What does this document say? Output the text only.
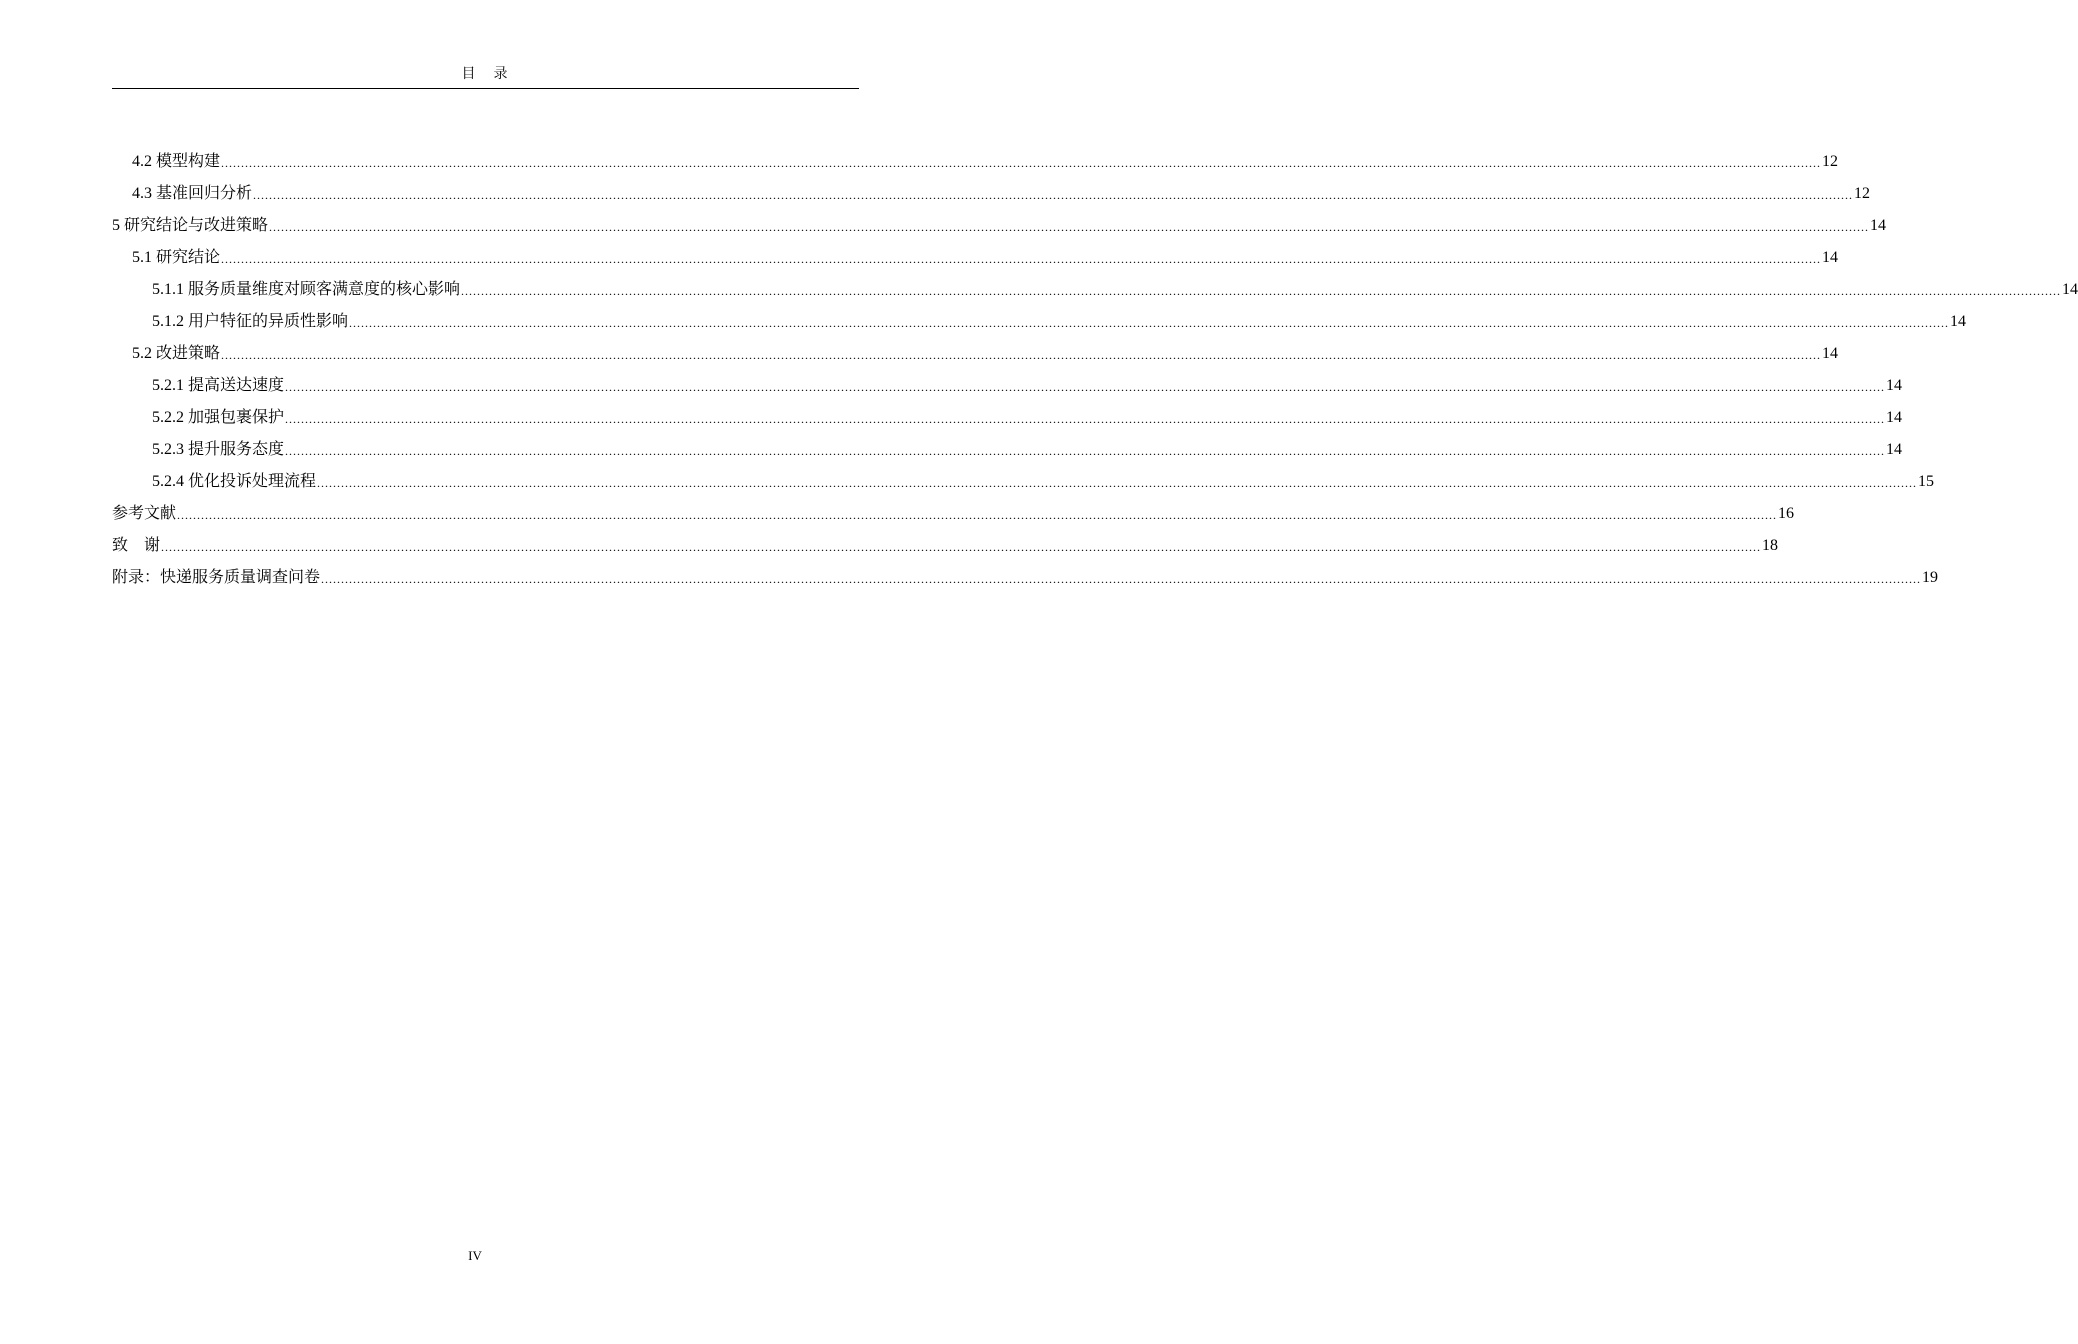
目　录
4.2 模型构建 ................................................................................................................................................................................................................................................................................................................................................................................................................ 12
4.3 基准回归分析 ................................................................................................................................................................................................................................................................................................................................................................................................................ 12
5 研究结论与改进策略 ................................................................................................................................................................................................................................................................................................................................................................................................................ 14
5.1 研究结论 ................................................................................................................................................................................................................................................................................................................................................................................................................ 14
5.1.1 服务质量维度对顾客满意度的核心影响 ................................................................................................................................................................................................................................................................................................................................................................................................................ 14
5.1.2 用户特征的异质性影响 ................................................................................................................................................................................................................................................................................................................................................................................................................ 14
5.2 改进策略 ................................................................................................................................................................................................................................................................................................................................................................................................................ 14
5.2.1 提高送达速度 ................................................................................................................................................................................................................................................................................................................................................................................................................ 14
5.2.2 加强包裹保护 ................................................................................................................................................................................................................................................................................................................................................................................................................ 14
5.2.3 提升服务态度 ................................................................................................................................................................................................................................................................................................................................................................................................................ 14
5.2.4 优化投诉处理流程 ................................................................................................................................................................................................................................................................................................................................................................................................................ 15
参考文献 ................................................................................................................................................................................................................................................................................................................................................................................................................ 16
致　谢 ................................................................................................................................................................................................................................................................................................................................................................................................................ 18
附录：快递服务质量调查问卷 ................................................................................................................................................................................................................................................................................................................................................................................................................ 19
IV
